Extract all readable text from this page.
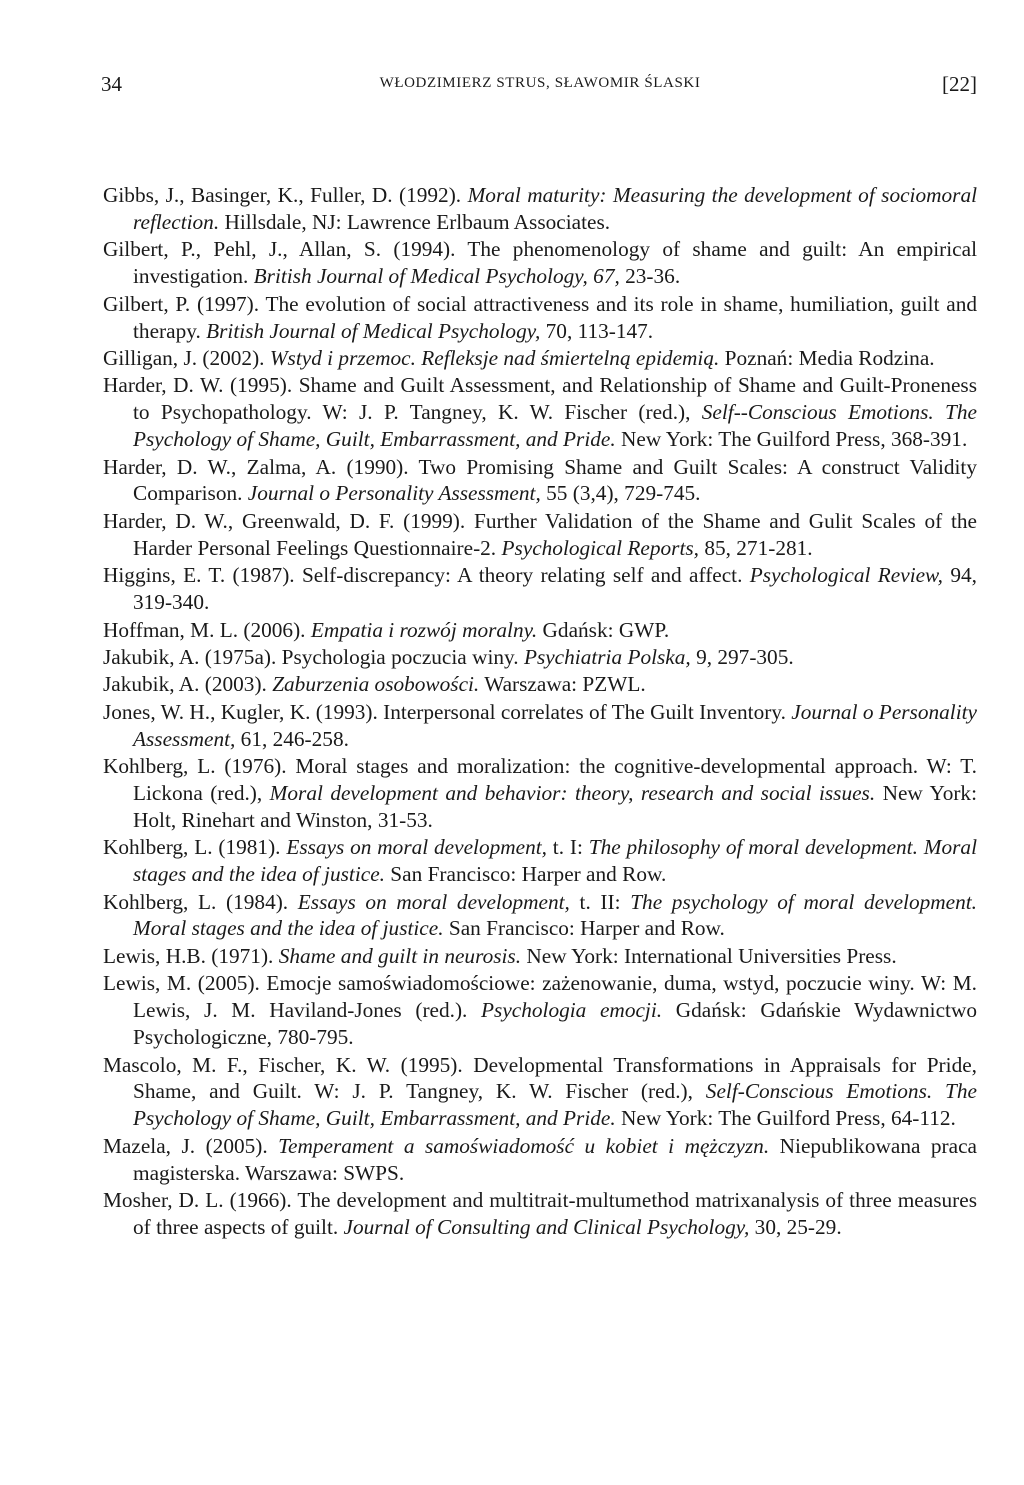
34	WŁODZIMIERZ STRUS, SŁAWOMIR ŚLASKI	[22]
Gibbs, J., Basinger, K., Fuller, D. (1992). Moral maturity: Measuring the development of sociomoral reflection. Hillsdale, NJ: Lawrence Erlbaum Associates.
Gilbert, P., Pehl, J., Allan, S. (1994). The phenomenology of shame and guilt: An empirical investigation. British Journal of Medical Psychology, 67, 23-36.
Gilbert, P. (1997). The evolution of social attractiveness and its role in shame, humiliation, guilt and therapy. British Journal of Medical Psychology, 70, 113-147.
Gilligan, J. (2002). Wstyd i przemoc. Refleksje nad śmiertelną epidemią. Poznań: Media Rodzina.
Harder, D. W. (1995). Shame and Guilt Assessment, and Relationship of Shame and Guilt-Proneness to Psychopathology. W: J. P. Tangney, K. W. Fischer (red.), Self--Conscious Emotions. The Psychology of Shame, Guilt, Embarrassment, and Pride. New York: The Guilford Press, 368-391.
Harder, D. W., Zalma, A. (1990). Two Promising Shame and Guilt Scales: A construct Validity Comparison. Journal o Personality Assessment, 55 (3,4), 729-745.
Harder, D. W., Greenwald, D. F. (1999). Further Validation of the Shame and Gulit Scales of the Harder Personal Feelings Questionnaire-2. Psychological Reports, 85, 271-281.
Higgins, E. T. (1987). Self-discrepancy: A theory relating self and affect. Psychological Review, 94, 319-340.
Hoffman, M. L. (2006). Empatia i rozwój moralny. Gdańsk: GWP.
Jakubik, A. (1975a). Psychologia poczucia winy. Psychiatria Polska, 9, 297-305.
Jakubik, A. (2003). Zaburzenia osobowości. Warszawa: PZWL.
Jones, W. H., Kugler, K. (1993). Interpersonal correlates of The Guilt Inventory. Journal o Personality Assessment, 61, 246-258.
Kohlberg, L. (1976). Moral stages and moralization: the cognitive-developmental approach. W: T. Lickona (red.), Moral development and behavior: theory, research and social issues. New York: Holt, Rinehart and Winston, 31-53.
Kohlberg, L. (1981). Essays on moral development, t. I: The philosophy of moral development. Moral stages and the idea of justice. San Francisco: Harper and Row.
Kohlberg, L. (1984). Essays on moral development, t. II: The psychology of moral development. Moral stages and the idea of justice. San Francisco: Harper and Row.
Lewis, H.B. (1971). Shame and guilt in neurosis. New York: International Universities Press.
Lewis, M. (2005). Emocje samoświadomościowe: zażenowanie, duma, wstyd, poczucie winy. W: M. Lewis, J. M. Haviland-Jones (red.). Psychologia emocji. Gdańsk: Gdańskie Wydawnictwo Psychologiczne, 780-795.
Mascolo, M. F., Fischer, K. W. (1995). Developmental Transformations in Appraisals for Pride, Shame, and Guilt. W: J. P. Tangney, K. W. Fischer (red.), Self-Conscious Emotions. The Psychology of Shame, Guilt, Embarrassment, and Pride. New York: The Guilford Press, 64-112.
Mazela, J. (2005). Temperament a samoświadomość u kobiet i mężczyzn. Niepublikowana praca magisterska. Warszawa: SWPS.
Mosher, D. L. (1966). The development and multitrait-multumethod matrixanalysis of three measures of three aspects of guilt. Journal of Consulting and Clinical Psychology, 30, 25-29.
